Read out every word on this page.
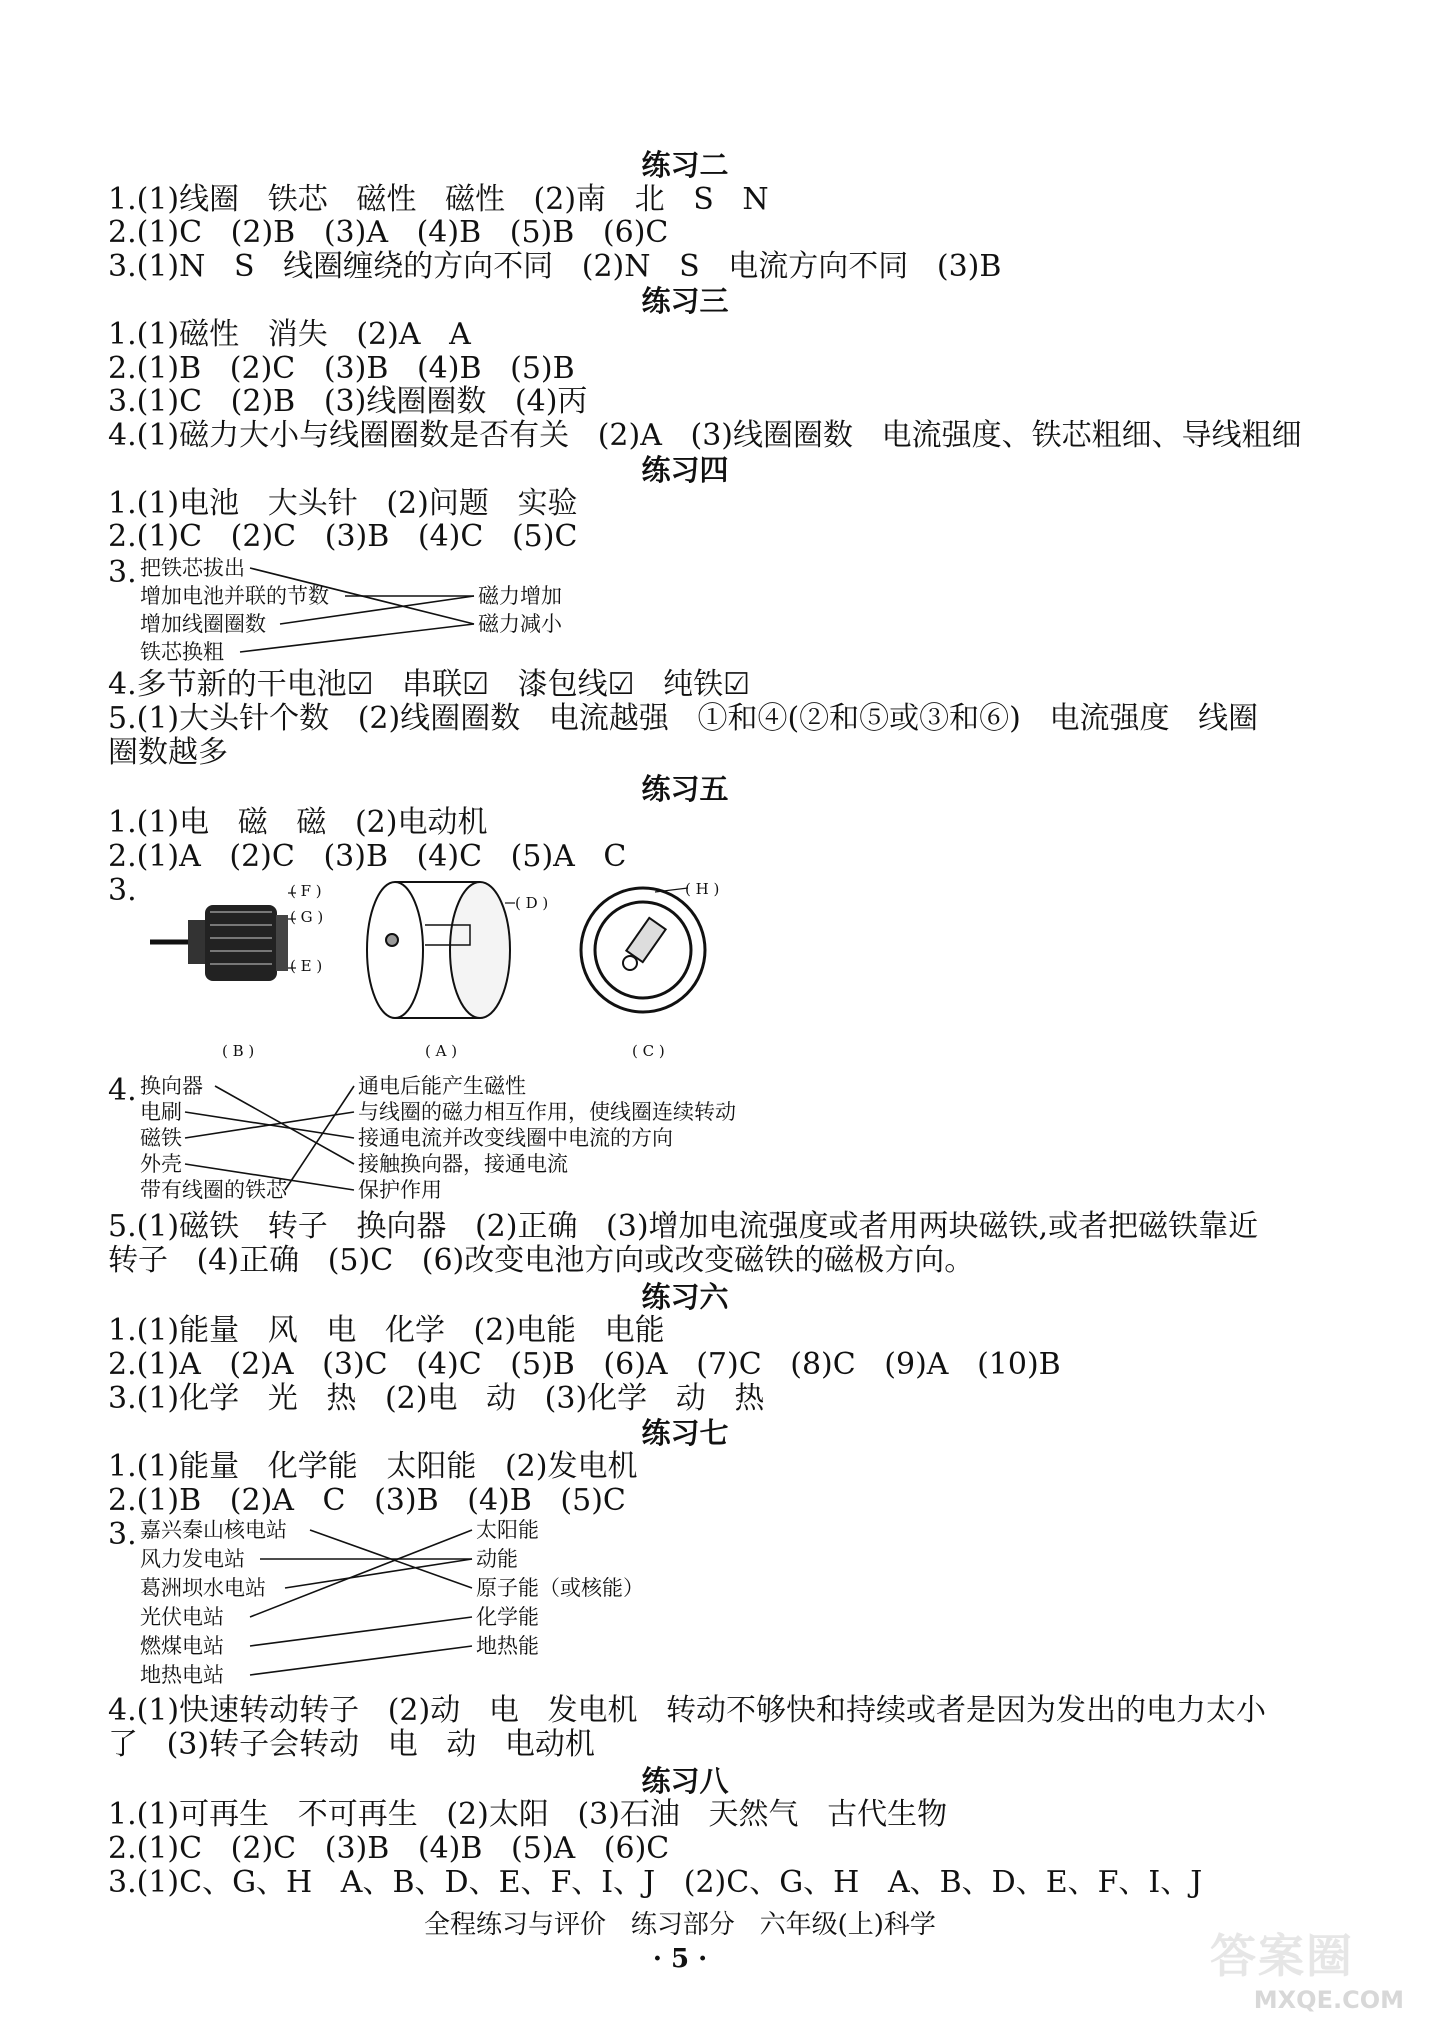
练习二
1.(1)线圈   铁芯   磁性   磁性   (2)南   北   S   N
2.(1)C   (2)B   (3)A   (4)B   (5)B   (6)C
3.(1)N   S   线圈缠绕的方向不同   (2)N   S   电流方向不同   (3)B
练习三
1.(1)磁性   消失   (2)A   A
2.(1)B   (2)C   (3)B   (4)B   (5)B
3.(1)C   (2)B   (3)线圈圈数   (4)丙
4.(1)磁力大小与线圈圈数是否有关   (2)A   (3)线圈圈数   电流强度、铁芯粗细、导线粗细
练习四
1.(1)电池   大头针   (2)问题   实验
2.(1)C   (2)C   (3)B   (4)C   (5)C
3. 把铁芯拔出
增加电池并联的节数
增加线圈圈数
铁芯换粗
磁力增加
磁力减小
4.多节新的干电池☑   串联☑   漆包线☑   纯铁☑
5.(1)大头针个数   (2)线圈圈数   电流越强   ①和④(②和⑤或③和⑥)   电流强度   线圈
圈数越多
练习五
1.(1)电   磁   磁   (2)电动机
2.(1)A   (2)C   (3)B   (4)C   (5)A   C
3.	( F )
( G )
( E )
( D )
( H )
( B )	( A )	( C )
4. 换向器
电刷
磁铁
外壳
带有线圈的铁芯
通电后能产生磁性
与线圈的磁力相互作用，使线圈连续转动
接通电流并改变线圈中电流的方向
接触换向器，接通电流
保护作用
5.(1)磁铁   转子   换向器   (2)正确   (3)增加电流强度或者用两块磁铁,或者把磁铁靠近
转子   (4)正确   (5)C   (6)改变电池方向或改变磁铁的磁极方向。
练习六
1.(1)能量   风   电   化学   (2)电能   电能
2.(1)A   (2)A   (3)C   (4)C   (5)B   (6)A   (7)C   (8)C   (9)A   (10)B
3.(1)化学   光   热   (2)电   动   (3)化学   动   热
练习七
1.(1)能量   化学能   太阳能   (2)发电机
2.(1)B   (2)A   C   (3)B   (4)B   (5)C
3. 嘉兴秦山核电站
风力发电站
葛洲坝水电站
光伏电站
燃煤电站
地热电站
太阳能
动能
原子能（或核能）
化学能
地热能
4.(1)快速转动转子   (2)动   电   发电机   转动不够快和持续或者是因为发出的电力太小
了   (3)转子会转动   电   动   电动机
练习八
1.(1)可再生   不可再生   (2)太阳   (3)石油   天然气   古代生物
2.(1)C   (2)C   (3)B   (4)B   (5)A   (6)C
3.(1)C、G、H   A、B、D、E、F、I、J   (2)C、G、H   A、B、D、E、F、I、J
全程练习与评价   练习部分   六年级(上)科学
· 5 ·	答案圈
MXQE.COM
